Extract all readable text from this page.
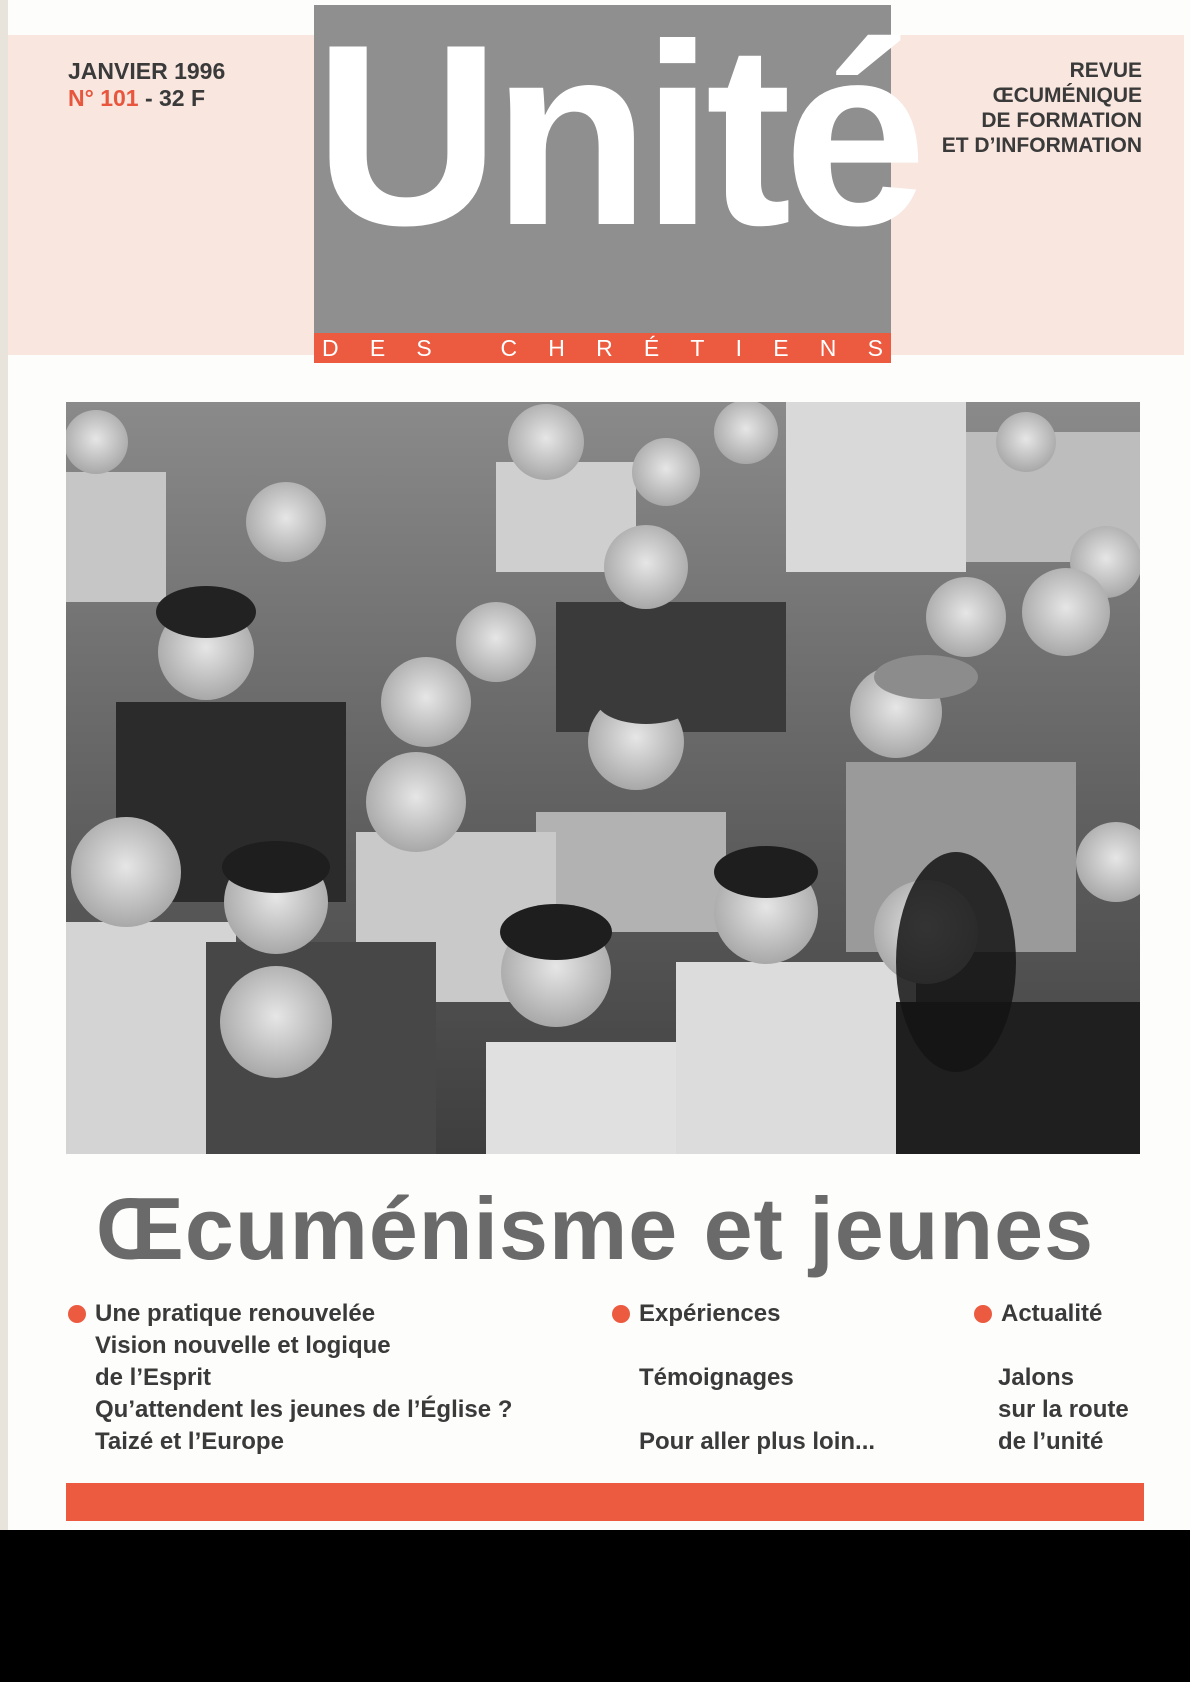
JANVIER 1996
N° 101 - 32 F Unité
D E S
	C H R É T I E N S
REVUE
ŒCUMÉNIQUE
DE FORMATION
ET D’INFORMATION
Œcuménisme et jeunes
Une pratique renouvelée
Vision nouvelle et logique
de l’Esprit
Qu’attendent les jeunes de l’Église ?
Taizé et l’Europe
Expériences
Témoignages
Pour aller plus loin...
Actualité
Jalons
sur la route
de l’unité
